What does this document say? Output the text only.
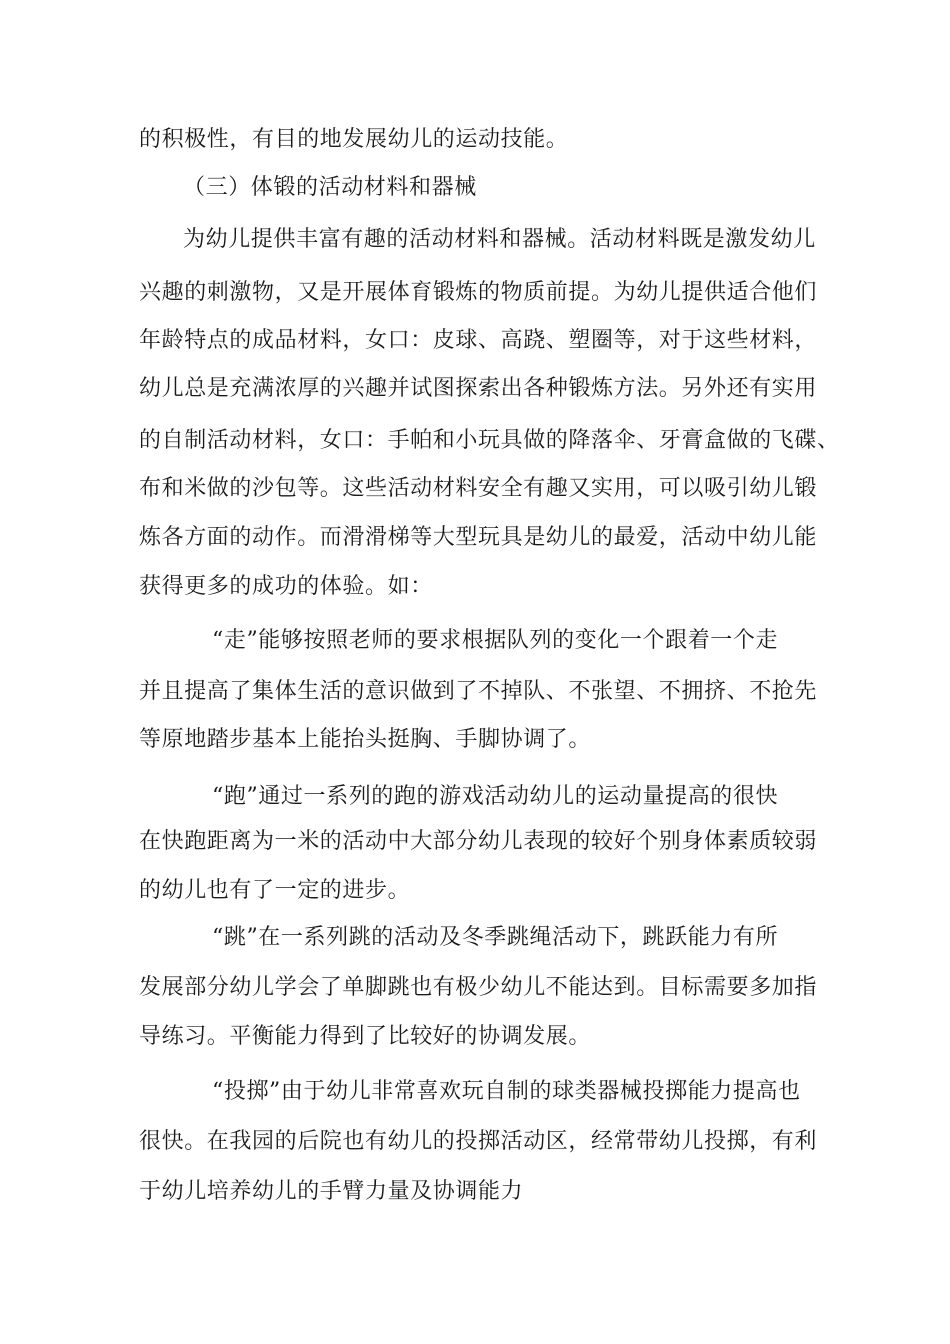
的积极性，有目的地发展幼儿的运动技能。
（三）体锻的活动材料和器械
为幼儿提供丰富有趣的活动材料和器械。活动材料既是激发幼儿
兴趣的刺激物，又是开展体育锻炼的物质前提。为幼儿提供适合他们
年龄特点的成品材料，女口：皮球、高跷、塑圈等，对于这些材料，
幼儿总是充满浓厚的兴趣并试图探索出各种锻炼方法。另外还有实用
的自制活动材料，女口：手帕和小玩具做的降落伞、牙膏盒做的飞碟、
布和米做的沙包等。这些活动材料安全有趣又实用，可以吸引幼儿锻
炼各方面的动作。而滑滑梯等大型玩具是幼儿的最爱，活动中幼儿能
获得更多的成功的体验。如：
“走”能够按照老师的要求根据队列的变化一个跟着一个走
并且提高了集体生活的意识做到了不掉队、不张望、不拥挤、不抢先
等原地踏步基本上能抬头挺胸、手脚协调了。
“跑”通过一系列的跑的游戏活动幼儿的运动量提高的很快
在快跑距离为一米的活动中大部分幼儿表现的较好个别身体素质较弱
的幼儿也有了一定的进步。
“跳”在一系列跳的活动及冬季跳绳活动下，跳跃能力有所
发展部分幼儿学会了单脚跳也有极少幼儿不能达到。目标需要多加指
导练习。平衡能力得到了比较好的协调发展。
“投掷”由于幼儿非常喜欢玩自制的球类器械投掷能力提高也
很快。在我园的后院也有幼儿的投掷活动区，经常带幼儿投掷，有利
于幼儿培养幼儿的手臂力量及协调能力
